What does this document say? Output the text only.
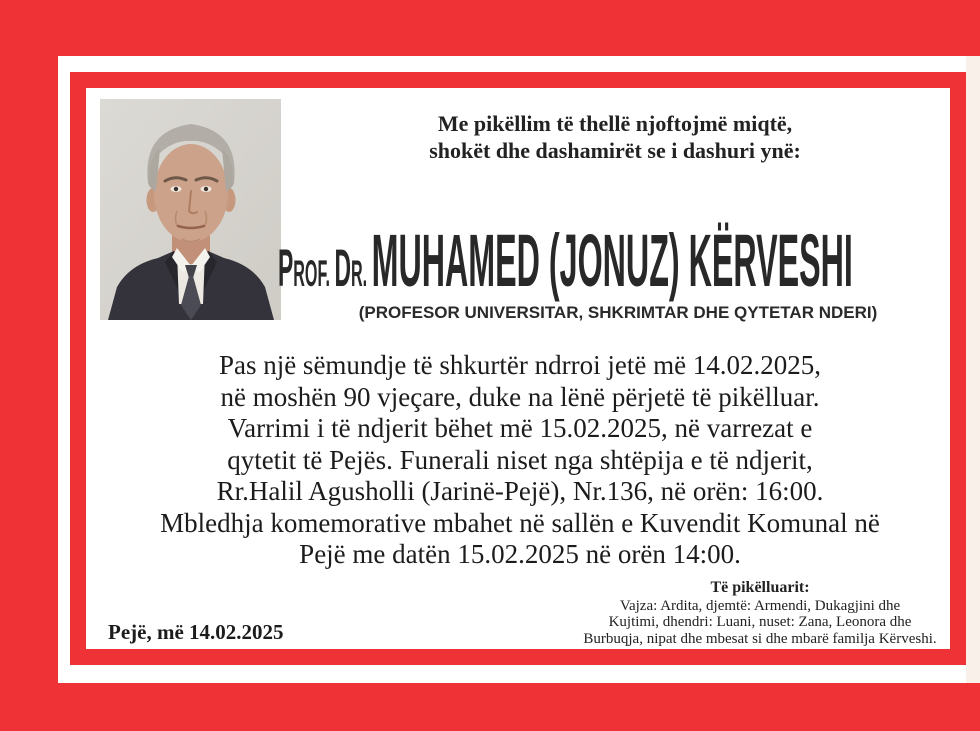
Me pikëllim të thellë njoftojmë miqtë,
shokët dhe dashamirët se i dashuri ynë:
PROF. DR. MUHAMED (JONUZ) KËRVESHI
(PROFESOR UNIVERSITAR, SHKRIMTAR DHE QYTETAR NDERI)
Pas një sëmundje të shkurtër ndrroi jetë më 14.02.2025,
në moshën 90 vjeçare, duke na lënë përjetë të pikëlluar.
Varrimi i të ndjerit bëhet më 15.02.2025, në varrezat e
qytetit të Pejës. Funerali niset nga shtëpija e të ndjerit,
Rr.Halil Agusholli (Jarinë-Pejë), Nr.136, në orën: 16:00.
Mbledhja komemorative mbahet në sallën e Kuvendit Komunal në
Pejë me datën 15.02.2025 në orën 14:00.
Të pikëlluarit:
Vajza: Ardita, djemtë: Armendi, Dukagjini dhe
Kujtimi, dhendri: Luani, nuset: Zana, Leonora dhe
Burbuqja, nipat dhe mbesat si dhe mbarë familja Kërveshi.
Pejë, më 14.02.2025
